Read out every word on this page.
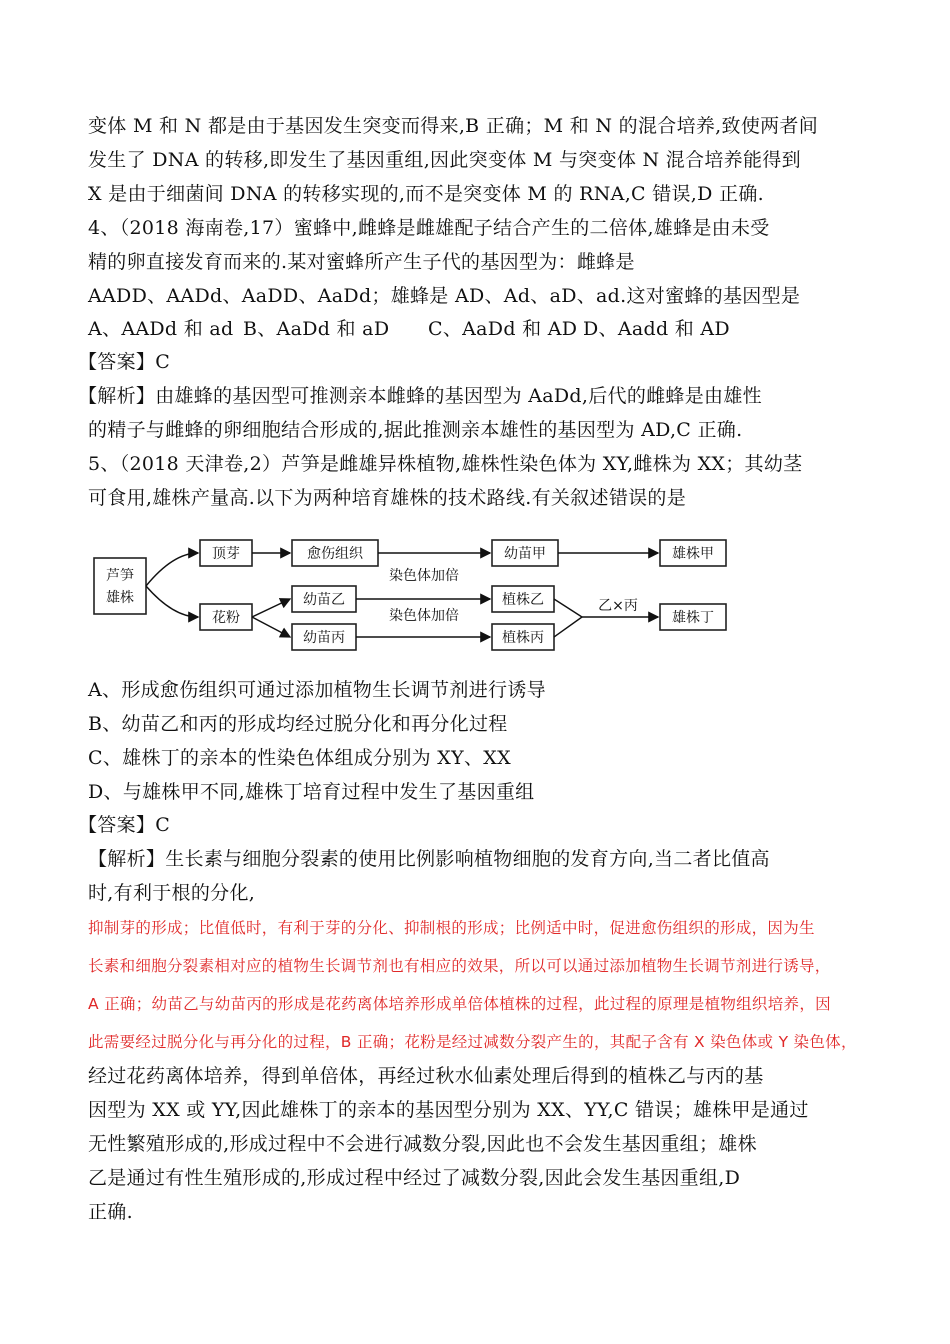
变体 M 和 N 都是由于基因发生突变而得来,B 正确；M 和 N 的混合培养,致使两者间
发生了 DNA 的转移,即发生了基因重组,因此突变体 M 与突变体 N 混合培养能得到
X 是由于细菌间 DNA 的转移实现的,而不是突变体 M 的 RNA,C 错误,D 正确.
4、（2018 海南卷,17）蜜蜂中,雌蜂是雌雄配子结合产生的二倍体,雄蜂是由未受
精的卵直接发育而来的.某对蜜蜂所产生子代的基因型为：雌蜂是
AADD、AADd、AaDD、AaDd；雄蜂是 AD、Ad、aD、ad.这对蜜蜂的基因型是
A、AADd 和 ad B、AaDd 和 aD C、AaDd 和 AD D、Aadd 和 AD
【答案】C
【解析】由雄蜂的基因型可推测亲本雌蜂的基因型为 AaDd,后代的雌蜂是由雄性
的精子与雌蜂的卵细胞结合形成的,据此推测亲本雄性的基因型为 AD,C 正确.
5、（2018 天津卷,2）芦笋是雌雄异株植物,雄株性染色体为 XY,雌株为 XX；其幼茎
可食用,雄株产量高.以下为两种培育雄株的技术路线.有关叙述错误的是
芦笋
雄株
顶芽
花粉
愈伤组织
幼苗乙
幼苗丙
幼苗甲
植株乙
植株丙
雄株甲
雄株丁
染色体加倍
染色体加倍
乙×丙
A、形成愈伤组织可通过添加植物生长调节剂进行诱导
B、幼苗乙和丙的形成均经过脱分化和再分化过程
C、雄株丁的亲本的性染色体组成分别为 XY、XX
D、与雄株甲不同,雄株丁培育过程中发生了基因重组
【答案】C
【解析】生长素与细胞分裂素的使用比例影响植物细胞的发育方向,当二者比值高
时,有利于根的分化,
抑制芽的形成；比值低时，有利于芽的分化、抑制根的形成；比例适中时，促进愈伤组织的形成，因为生
长素和细胞分裂素相对应的植物生长调节剂也有相应的效果，所以可以通过添加植物生长调节剂进行诱导，
A 正确；幼苗乙与幼苗丙的形成是花药离体培养形成单倍体植株的过程，此过程的原理是植物组织培养，因
此需要经过脱分化与再分化的过程，B 正确；花粉是经过减数分裂产生的，其配子含有 X 染色体或 Y 染色体，
经过花药离体培养，得到单倍体，再经过秋水仙素处理后得到的植株乙与丙的基
因型为 XX 或 YY,因此雄株丁的亲本的基因型分别为 XX、YY,C 错误；雄株甲是通过
无性繁殖形成的,形成过程中不会进行减数分裂,因此也不会发生基因重组；雄株
乙是通过有性生殖形成的,形成过程中经过了减数分裂,因此会发生基因重组,D
正确.
